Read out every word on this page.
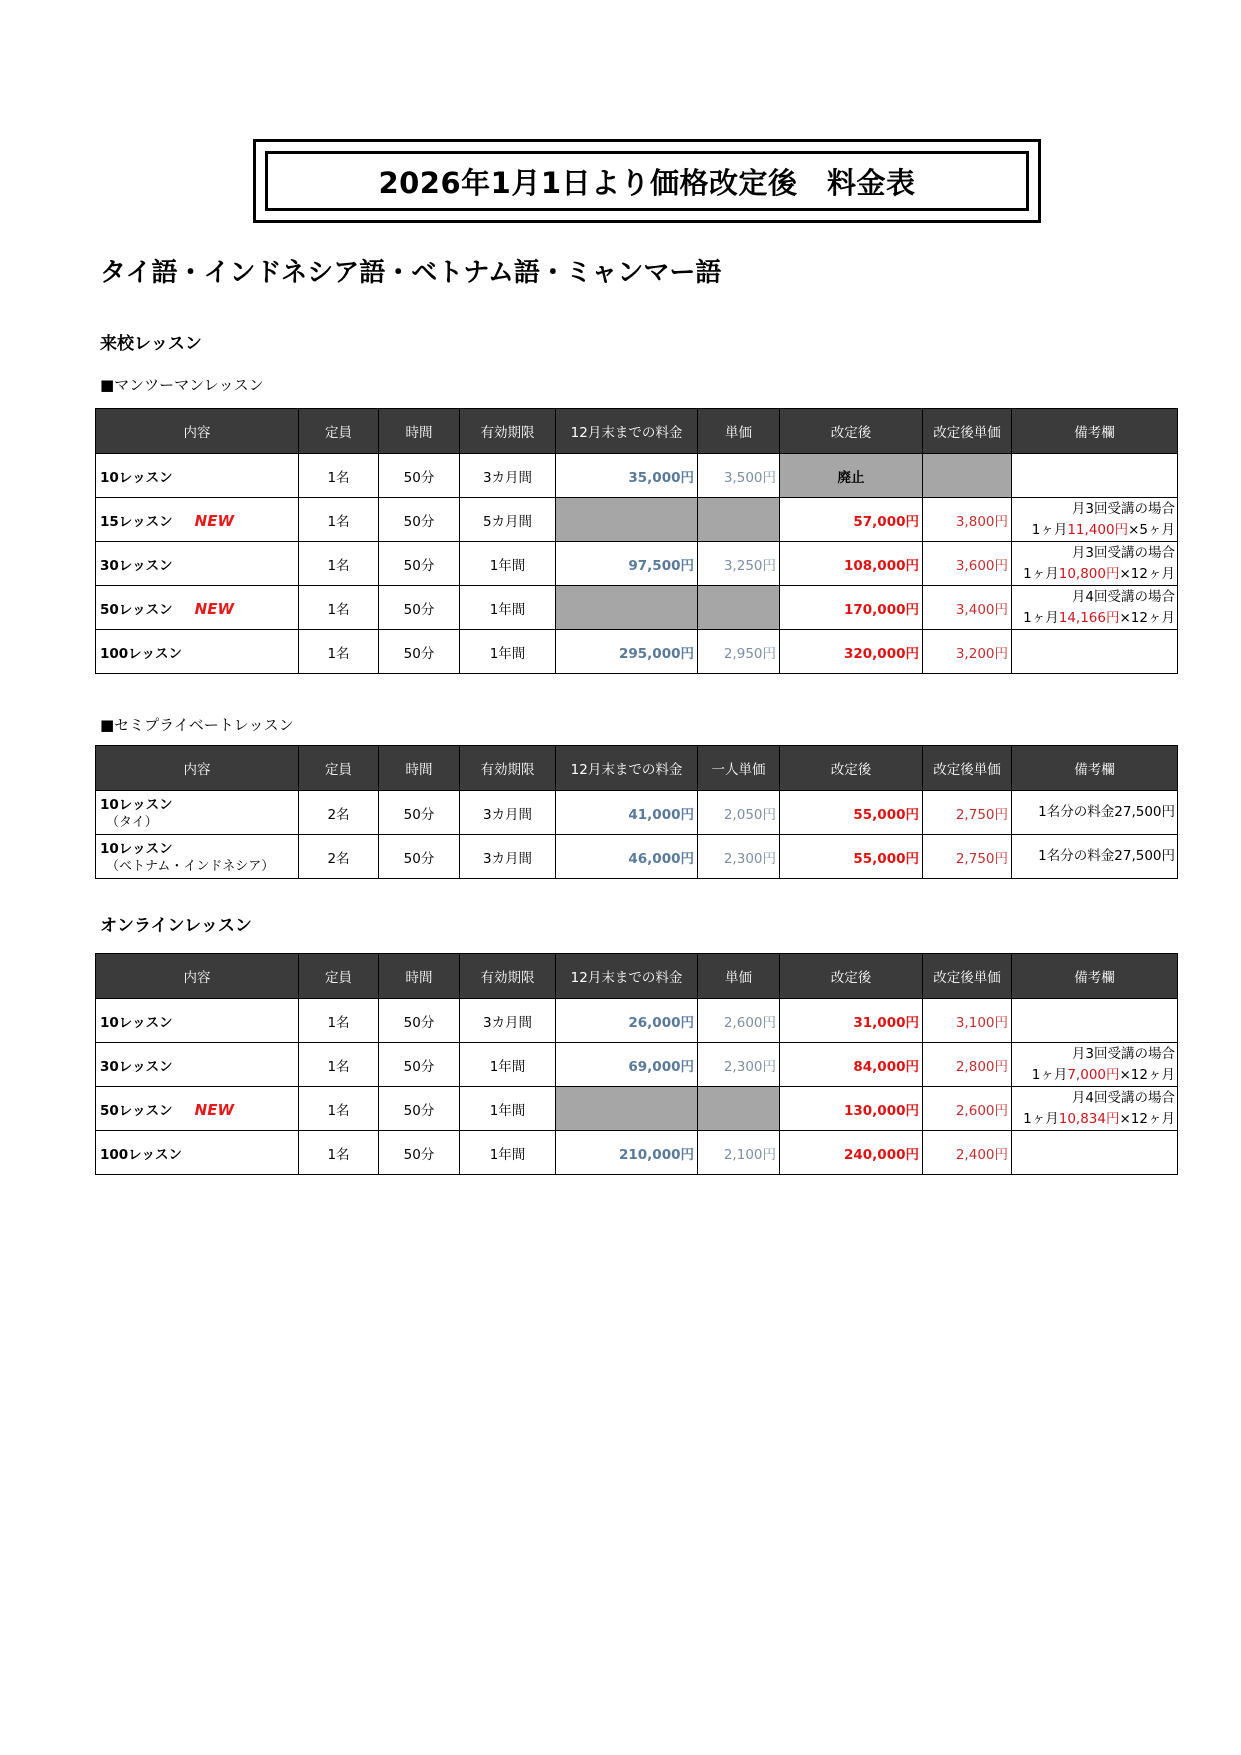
2026年1月1日より価格改定後　料金表
タイ語・インドネシア語・ベトナム語・ミャンマー語
来校レッスン
■マンツーマンレッスン
内容	定員	時間	有効期限	12月末までの料金	単価	改定後	改定後単価	備考欄
10レッスン	1名	50分	3カ月間	35,000円	3,500円	廃止		
15レッスン NEW	1名	50分	5カ月間			57,000円	3,800円	月3回受講の場合
1ヶ月11,400円×5ヶ月

30レッスン	1名	50分	1年間	97,500円	3,250円	108,000円	3,600円	月3回受講の場合
1ヶ月10,800円×12ヶ月

50レッスン NEW	1名	50分	1年間			170,000円	3,400円	月4回受講の場合
1ヶ月14,166円×12ヶ月

100レッスン	1名	50分	1年間	295,000円	2,950円	320,000円	3,200円	
■セミプライベートレッスン
内容	定員	時間	有効期限	12月末までの料金	一人単価	改定後	改定後単価	備考欄

10レッスン
（タイ）	2名	50分	3カ月間	41,000円	2,050円	55,000円	2,750円	1名分の料金27,500円

10レッスン
（ベトナム・インドネシア）	2名	50分	3カ月間	46,000円	2,300円	55,000円	2,750円	1名分の料金27,500円
オンラインレッスン
内容	定員	時間	有効期限	12月末までの料金	単価	改定後	改定後単価	備考欄
10レッスン	1名	50分	3カ月間	26,000円	2,600円	31,000円	3,100円	
30レッスン	1名	50分	1年間	69,000円	2,300円	84,000円	2,800円	月3回受講の場合
1ヶ月7,000円×12ヶ月

50レッスン NEW	1名	50分	1年間			130,000円	2,600円	月4回受講の場合
1ヶ月10,834円×12ヶ月

100レッスン	1名	50分	1年間	210,000円	2,100円	240,000円	2,400円	
